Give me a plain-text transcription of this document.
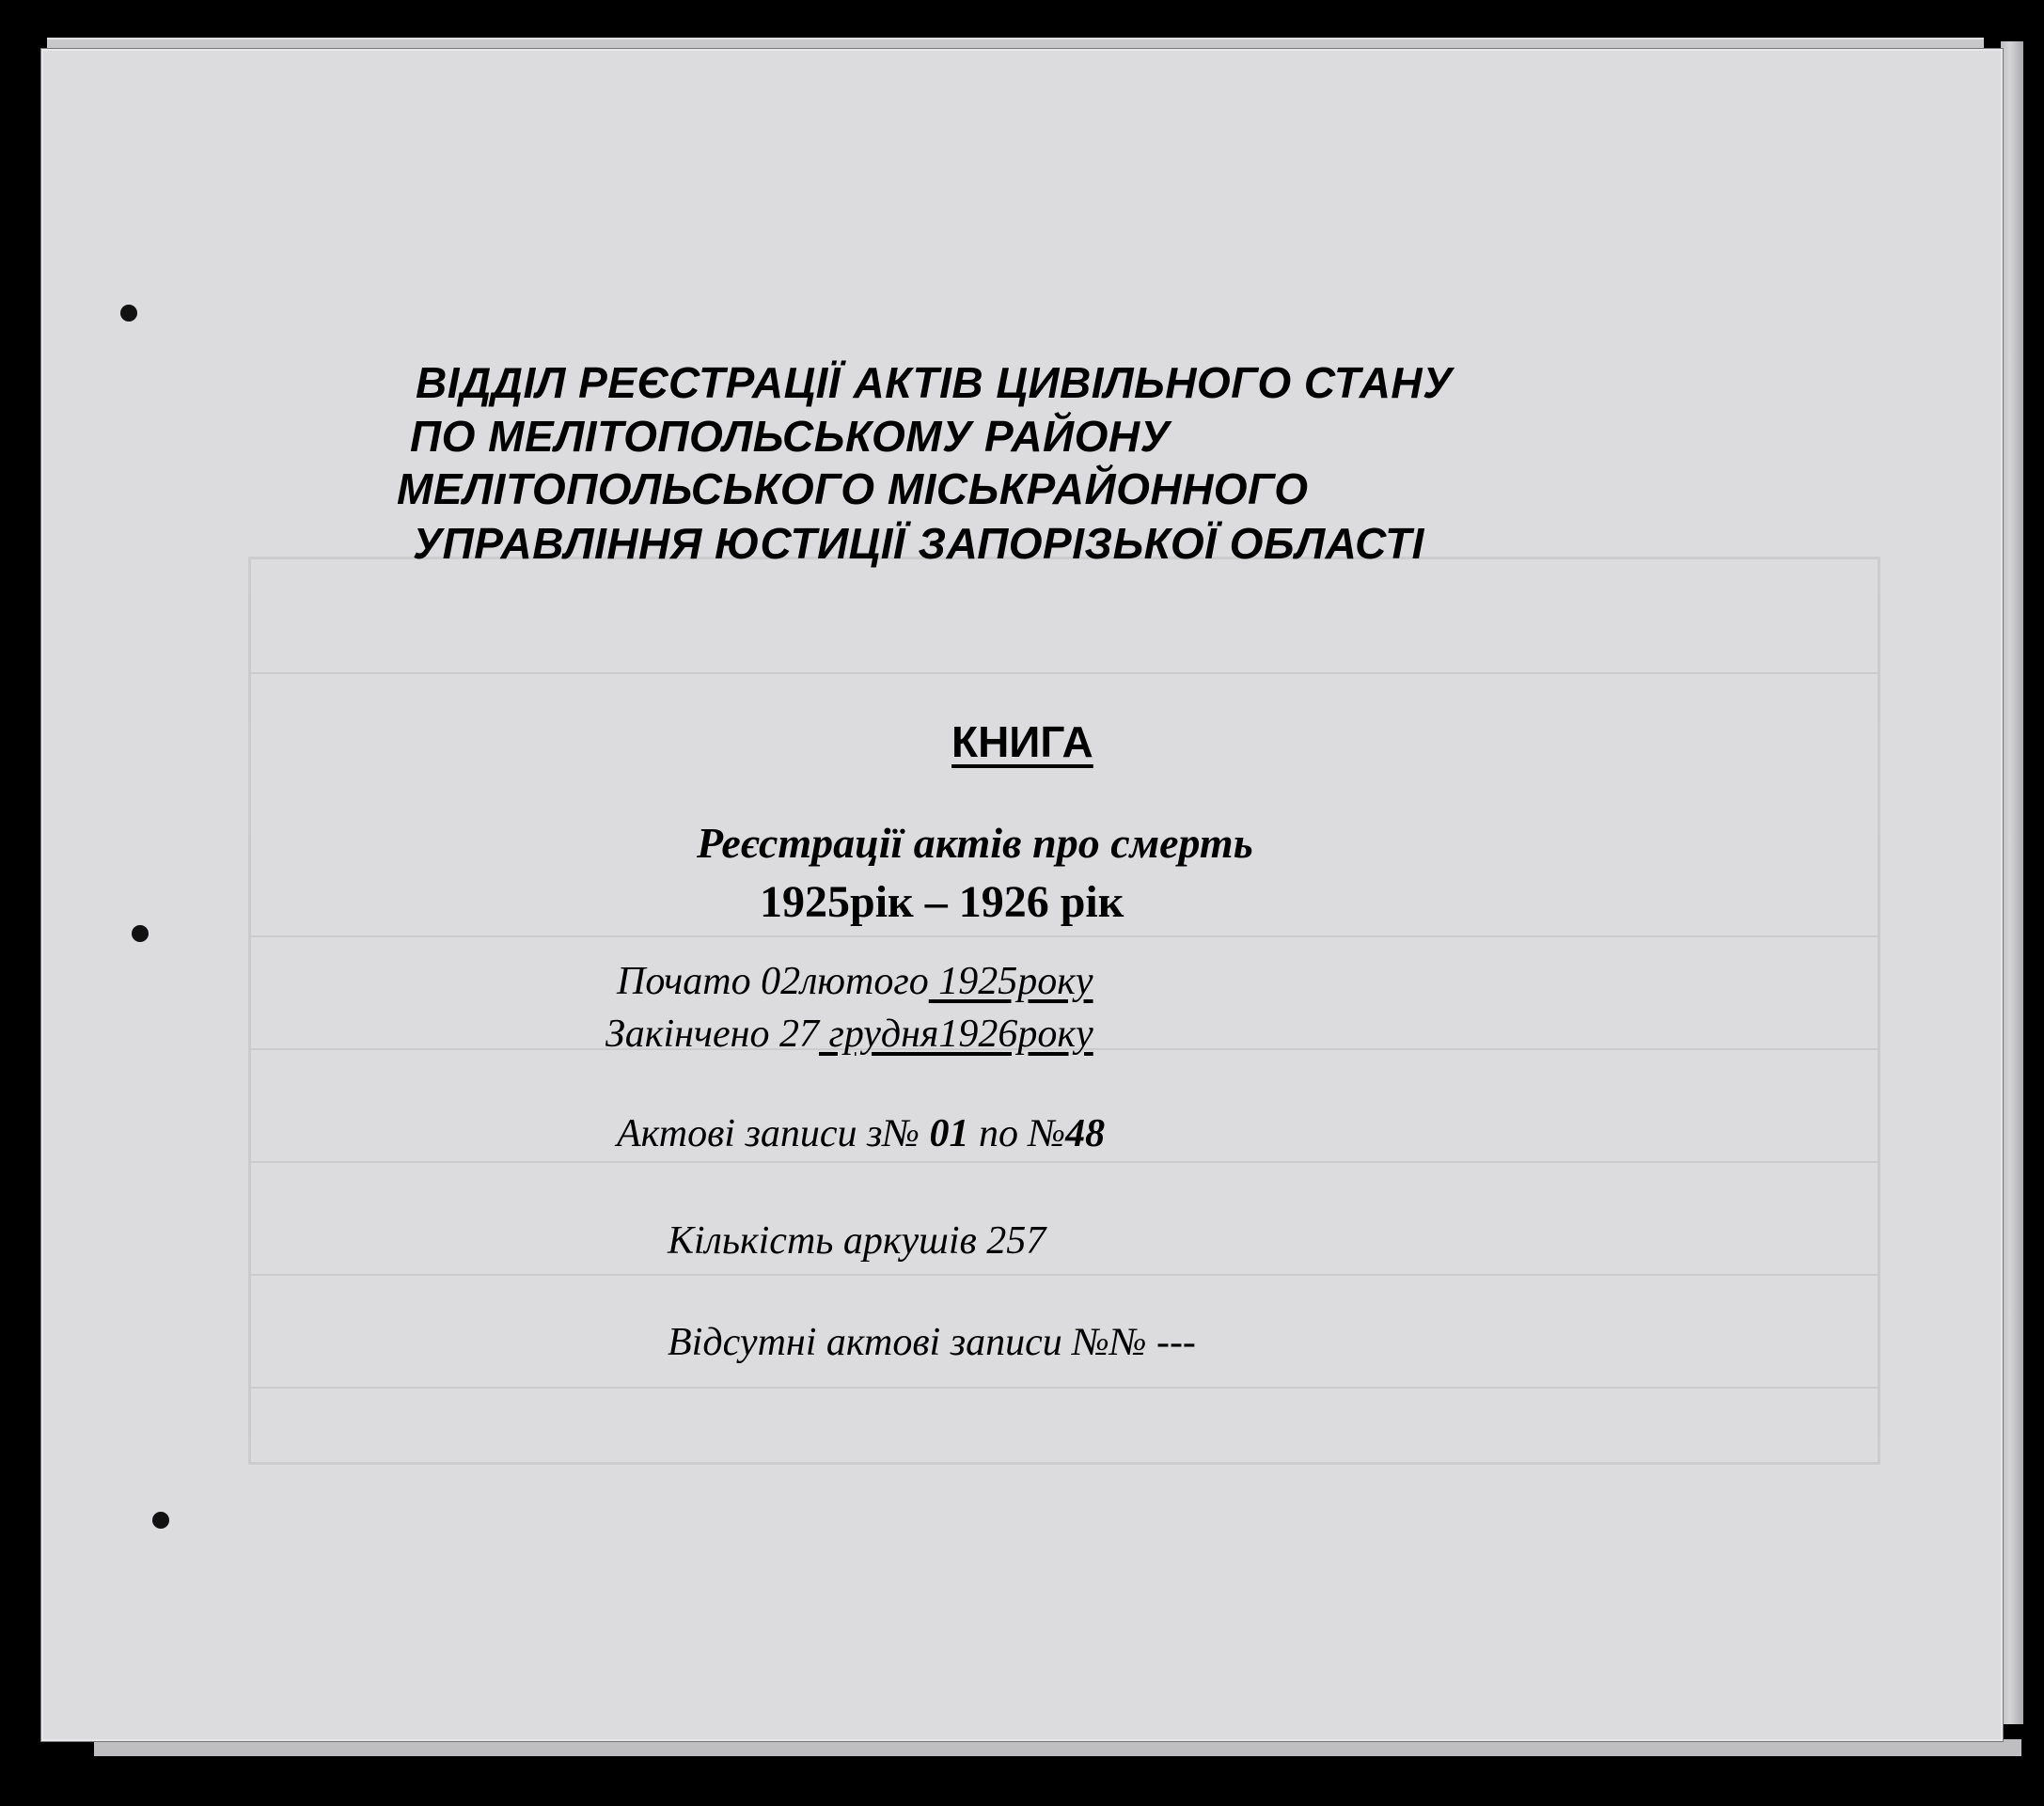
ВІДДІЛ РЕЄСТРАЦІЇ АКТІВ ЦИВІЛЬНОГО СТАНУ
ПО МЕЛІТОПОЛЬСЬКОМУ РАЙОНУ
МЕЛІТОПОЛЬСЬКОГО МІСЬКРАЙОННОГО
УПРАВЛІННЯ ЮСТИЦІЇ ЗАПОРІЗЬКОЇ ОБЛАСТІ
КНИГА
Реєстрації актів про смерть
1925рік – 1926 рік
Почато 02лютого 1925року
Закінчено 27 грудня1926року
Актові записи з№ 01 по №48
Кількість аркушів 257
Відсутні актові записи №№ ---
